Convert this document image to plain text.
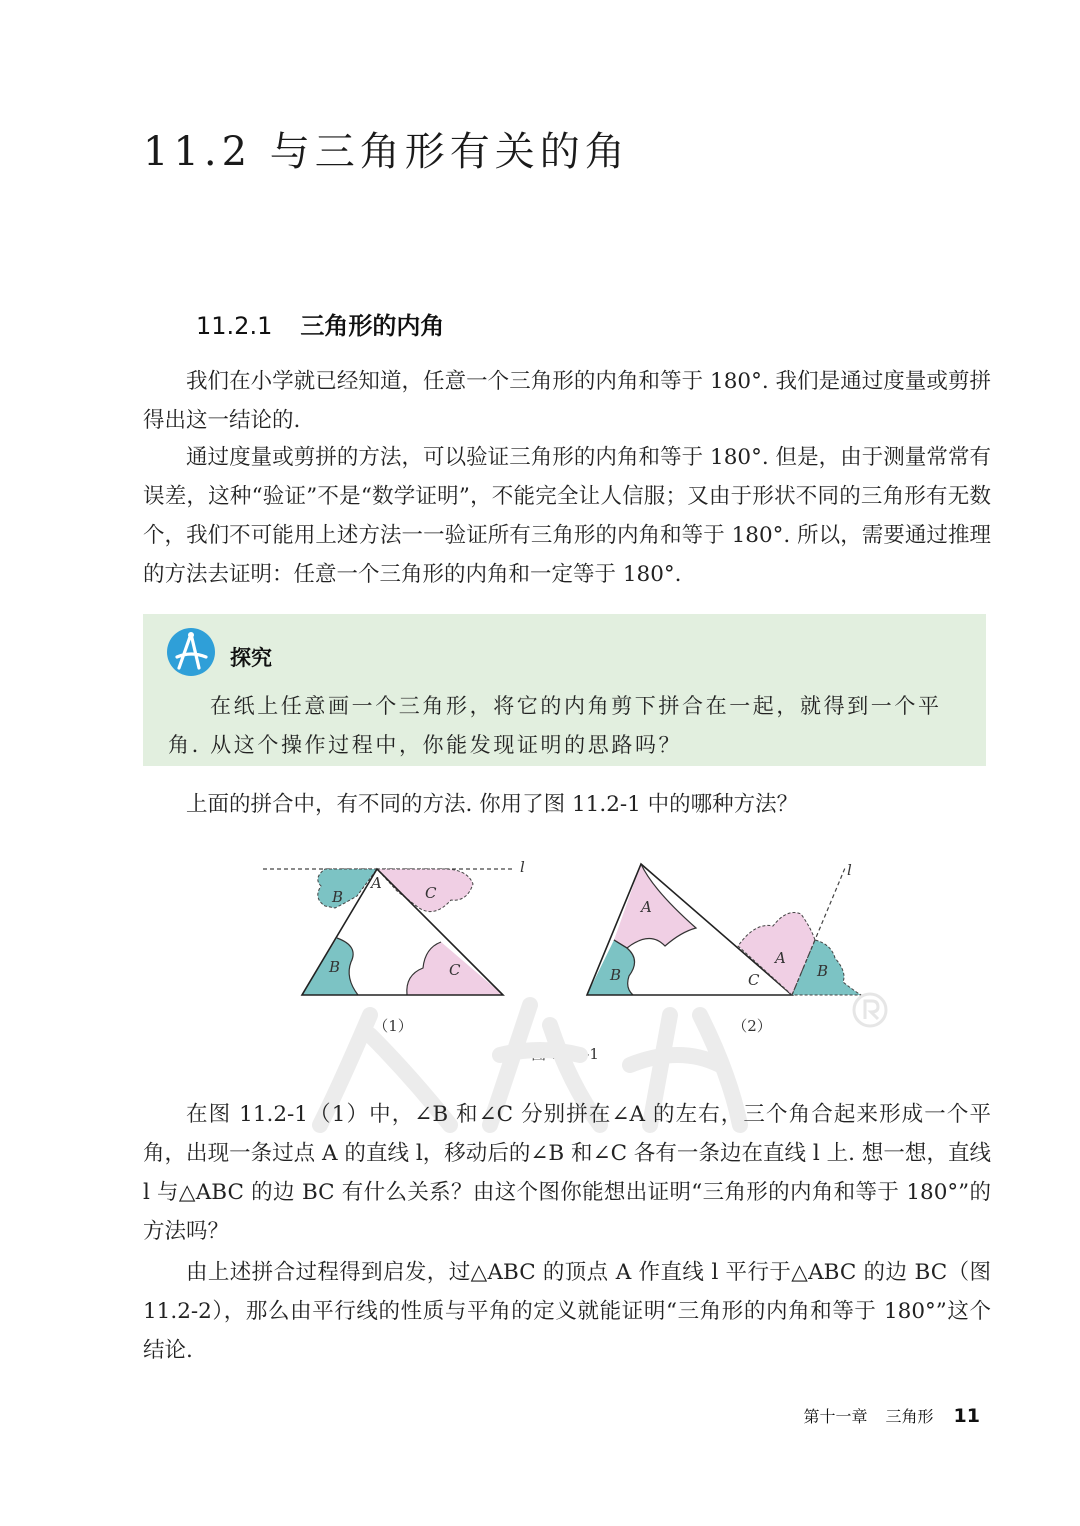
11.2 与三角形有关的角
11.2.1 三角形的内角

我们在小学就已经知道，任意一个三角形的内角和等于 180°. 我们是通过度量或剪拼得出这一结论的.

通过度量或剪拼的方法，可以验证三角形的内角和等于 180°. 但是，由于测量常常有误差，这种“验证”不是“数学证明”，不能完全让人信服；又由于形状不同的三角形有无数个，我们不可能用上述方法一一验证所有三角形的内角和等于 180°. 所以，需要通过推理的方法去证明：任意一个三角形的内角和一定等于 180°.

探究

在纸上任意画一个三角形，将它的内角剪下拼合在一起，就得到一个平角. 从这个操作过程中，你能发现证明的思路吗？

上面的拼合中，有不同的方法. 你用了图 11.2-1 中的哪种方法？

l
A
B	C
B	C
l
A
B
A
B
C
（1）	（2）
图 11.2-1

在图 11.2-1（1）中，∠B 和∠C 分别拼在∠A 的左右，三个角合起来形成一个平角，出现一条过点 A 的直线 l，移动后的∠B 和∠C 各有一条边在直线 l 上. 想一想，直线 l 与△ABC 的边 BC 有什么关系？由这个图你能想出证明“三角形的内角和等于 180°”的方法吗？

由上述拼合过程得到启发，过△ABC 的顶点 A 作直线 l 平行于△ABC 的边 BC（图 11.2-2），那么由平行线的性质与平角的定义就能证明“三角形的内角和等于 180°”这个结论.

第十一章 三角形 11
